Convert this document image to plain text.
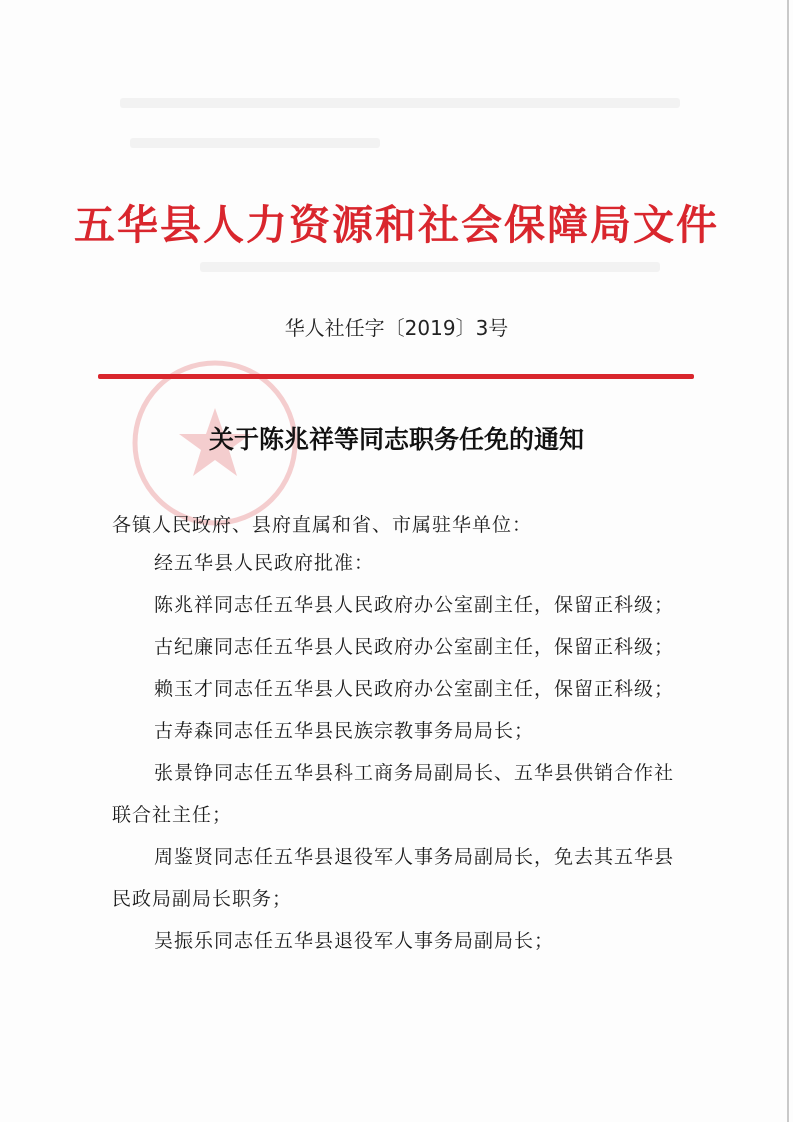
五华县人力资源和社会保障局文件
华人社任字〔2019〕3号
关于陈兆祥等同志职务任免的通知
各镇人民政府、县府直属和省、市属驻华单位：

经五华县人民政府批准：

陈兆祥同志任五华县人民政府办公室副主任，保留正科级；

古纪廉同志任五华县人民政府办公室副主任，保留正科级；

赖玉才同志任五华县人民政府办公室副主任，保留正科级；

古寿森同志任五华县民族宗教事务局局长；

张景铮同志任五华县科工商务局副局长、五华县供销合作社联合社主任；

周鉴贤同志任五华县退役军人事务局副局长，免去其五华县民政局副局长职务；

吴振乐同志任五华县退役军人事务局副局长；
